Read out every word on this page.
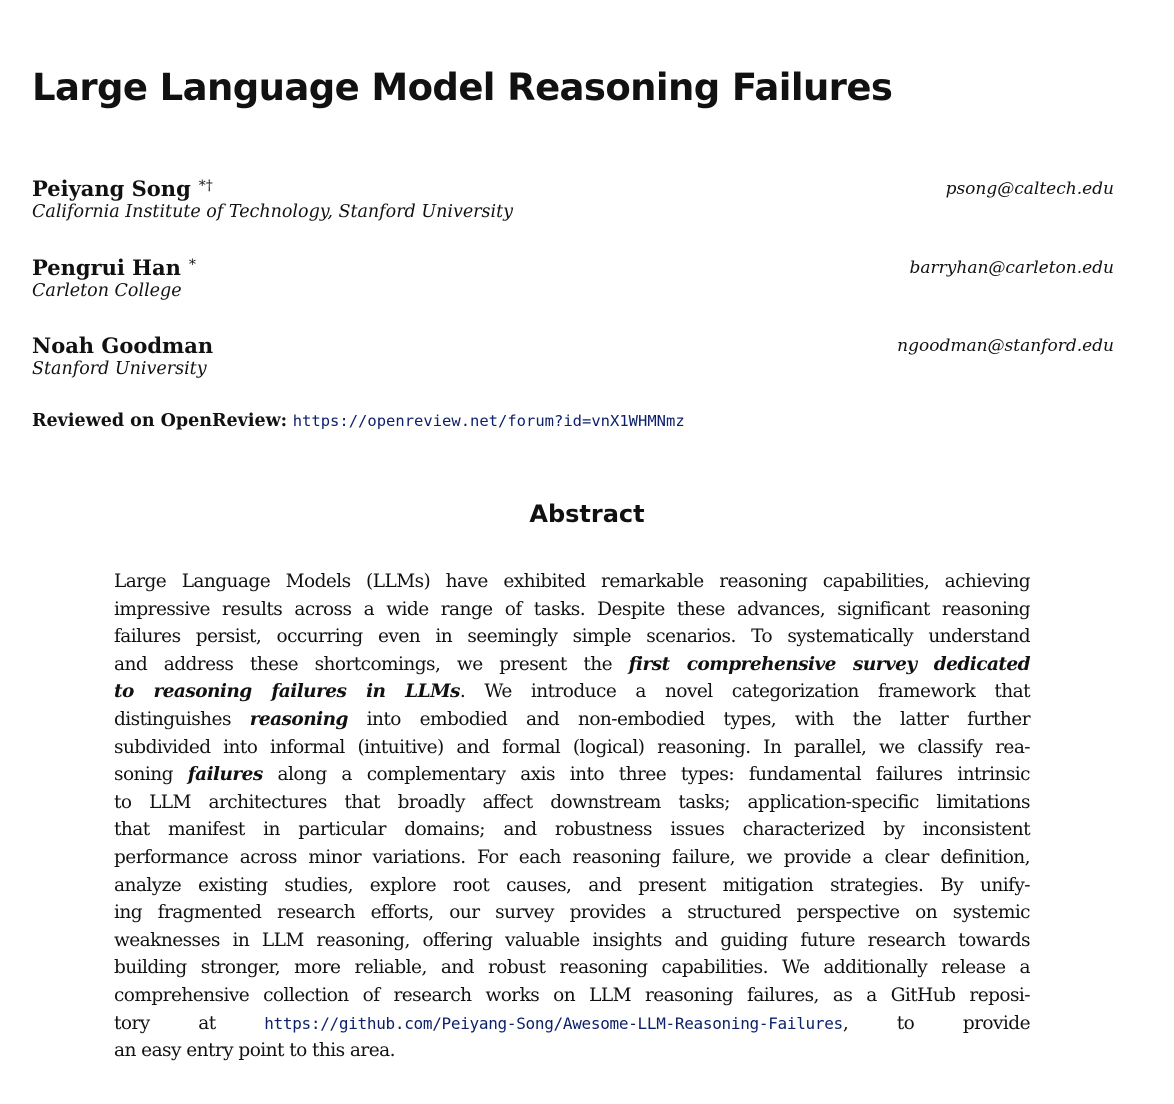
Large Language Model Reasoning Failures
Peiyang Song *†	psong@caltech.edu
California Institute of Technology, Stanford University
Pengrui Han *	barryhan@carleton.edu
Carleton College
Noah Goodman	ngoodman@stanford.edu
Stanford University
Reviewed on OpenReview: https://openreview.net/forum?id=vnX1WHMNmz
Abstract
Large Language Models (LLMs) have exhibited remarkable reasoning capabilities, achieving
impressive results across a wide range of tasks. Despite these advances, significant reasoning
failures persist, occurring even in seemingly simple scenarios. To systematically understand
and address these shortcomings, we present the first comprehensive survey dedicated
to reasoning failures in LLMs. We introduce a novel categorization framework that
distinguishes reasoning into embodied and non-embodied types, with the latter further
subdivided into informal (intuitive) and formal (logical) reasoning. In parallel, we classify rea-
soning failures along a complementary axis into three types: fundamental failures intrinsic
to LLM architectures that broadly affect downstream tasks; application-specific limitations
that manifest in particular domains; and robustness issues characterized by inconsistent
performance across minor variations. For each reasoning failure, we provide a clear definition,
analyze existing studies, explore root causes, and present mitigation strategies. By unify-
ing fragmented research efforts, our survey provides a structured perspective on systemic
weaknesses in LLM reasoning, offering valuable insights and guiding future research towards
building stronger, more reliable, and robust reasoning capabilities. We additionally release a
comprehensive collection of research works on LLM reasoning failures, as a GitHub reposi-
tory at https://github.com/Peiyang-Song/Awesome-LLM-Reasoning-Failures, to provide
an easy entry point to this area.
